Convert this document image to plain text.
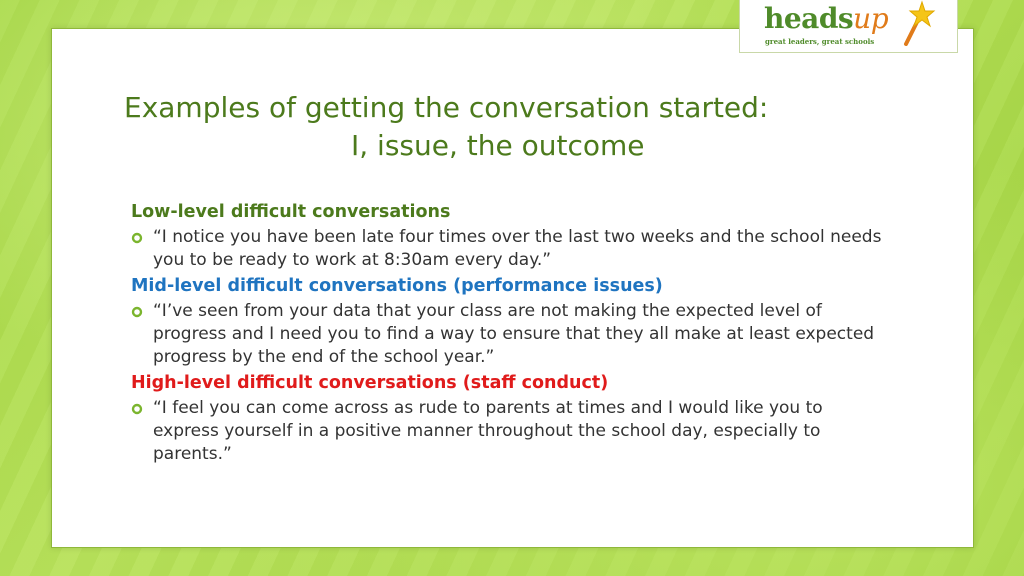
headsup
great leaders, great schools
Examples of getting the conversation started:
I, issue, the outcome

Low-level difficult conversations

“I notice you have been late four times over the last two weeks and the school needs you to be ready to work at 8:30am every day.”

Mid-level difficult conversations (performance issues)

“I’ve seen from your data that your class are not making the expected level of progress and I need you to find a way to ensure that they all make at least expected progress by the end of the school year.”

High-level difficult conversations (staff conduct)

“I feel you can come across as rude to parents at times and I would like you to express yourself in a positive manner throughout the school day, especially to parents.”
